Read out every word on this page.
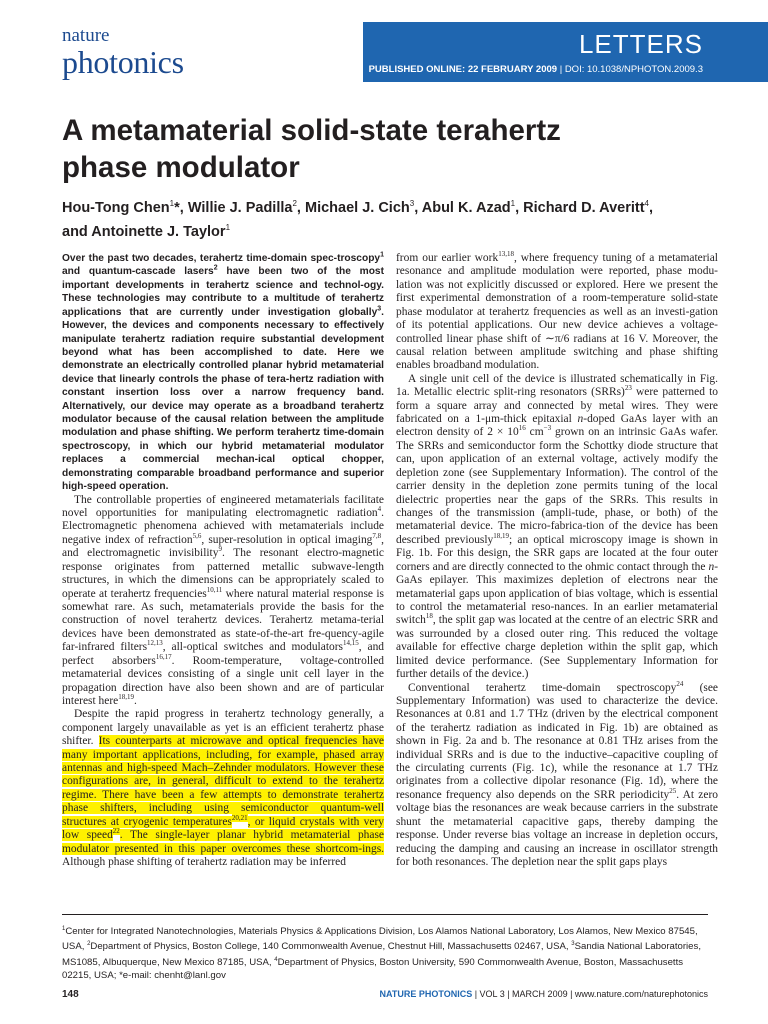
nature
photonics	LETTERS
PUBLISHED ONLINE: 22 FEBRUARY 2009 | DOI: 10.1038/NPHOTON.2009.3
A metamaterial solid-state terahertz
phase modulator
Hou-Tong Chen$^1$*, Willie J. Padilla$^2$, Michael J. Cich$^3$, Abul K. Azad$^1$, Richard D. Averitt$^4$,
and Antoinette J. Taylor$^1$

Over the past two decades, terahertz time-domain spec-troscopy$^1$ and quantum-cascade lasers$^2$ have been two of the most important developments in terahertz science and technol-ogy. These technologies may contribute to a multitude of terahertz applications that are currently under investigation globally$^3$. However, the devices and components necessary to effectively manipulate terahertz radiation require substantial development beyond what has been accomplished to date. Here we demonstrate an electrically controlled planar hybrid metamaterial device that linearly controls the phase of tera-hertz radiation with constant insertion loss over a narrow frequency band. Alternatively, our device may operate as a broadband terahertz modulator because of the causal relation between the amplitude modulation and phase shifting. We perform terahertz time-domain spectroscopy, in which our hybrid metamaterial modulator replaces a commercial mechan-ical optical chopper, demonstrating comparable broadband performance and superior high-speed operation.

The controllable properties of engineered metamaterials facilitate novel opportunities for manipulating electromagnetic radiation$^4$. Electromagnetic phenomena achieved with metamaterials include negative index of refraction$^{5,6}$, super-resolution in optical imaging$^{7,8}$, and electromagnetic invisibility$^9$. The resonant electro-magnetic response originates from patterned metallic subwave-length structures, in which the dimensions can be appropriately scaled to operate at terahertz frequencies$^{10,11}$ where natural material response is somewhat rare. As such, metamaterials provide the basis for the construction of novel terahertz devices. Terahertz metama-terial devices have been demonstrated as state-of-the-art fre-quency-agile far-infrared filters$^{12,13}$, all-optical switches and modulators$^{14,15}$, and perfect absorbers$^{16,17}$. Room-temperature, voltage-controlled metamaterial devices consisting of a single unit cell layer in the propagation direction have also been shown and are of particular interest here$^{18,19}$.

Despite the rapid progress in terahertz technology generally, a component largely unavailable as yet is an efficient terahertz phase shifter. Its counterparts at microwave and optical frequencies have many important applications, including, for example, phased array antennas and high-speed Mach–Zehnder modulators. However these configurations are, in general, difficult to extend to the terahertz regime. There have been a few attempts to demonstrate terahertz phase shifters, including using semiconductor quantum-well structures at cryogenic temperatures$^{20,21}$, or liquid crystals with very low speed$^{22}$. The single-layer planar hybrid metamaterial phase modulator presented in this paper overcomes these shortcom-ings. Although phase shifting of terahertz radiation may be inferred

from our earlier work$^{13,18}$, where frequency tuning of a metamaterial resonance and amplitude modulation were reported, phase modu-lation was not explicitly discussed or explored. Here we present the first experimental demonstration of a room-temperature solid-state phase modulator at terahertz frequencies as well as an investi-gation of its potential applications. Our new device achieves a voltage-controlled linear phase shift of ∼π/6 radians at 16 V. Moreover, the causal relation between amplitude switching and phase shifting enables broadband modulation.

A single unit cell of the device is illustrated schematically in Fig. 1a. Metallic electric split-ring resonators (SRRs)$^{23}$ were patterned to form a square array and connected by metal wires. They were fabricated on a 1-μm-thick epitaxial n-doped GaAs layer with an electron density of $2 \times 10^{16}$ $cm^{-3}$ grown on an intrinsic GaAs wafer. The SRRs and semiconductor form the Schottky diode structure that can, upon application of an external voltage, actively modify the depletion zone (see Supplementary Information). The control of the carrier density in the depletion zone permits tuning of the local dielectric properties near the gaps of the SRRs. This results in changes of the transmission (ampli-tude, phase, or both) of the metamaterial device. The micro-fabrica-tion of the device has been described previously$^{18,19}$; an optical microscopy image is shown in Fig. 1b. For this design, the SRR gaps are located at the four outer corners and are directly connected to the ohmic contact through the n-GaAs epilayer. This maximizes depletion of electrons near the metamaterial gaps upon application of bias voltage, which is essential to control the metamaterial reso-nances. In an earlier metamaterial switch$^{18}$, the split gap was located at the centre of an electric SRR and was surrounded by a closed outer ring. This reduced the voltage available for effective charge depletion within the split gap, which limited device performance. (See Supplementary Information for further details of the device.)

Conventional terahertz time-domain spectroscopy$^{24}$ (see Supplementary Information) was used to characterize the device. Resonances at 0.81 and 1.7 THz (driven by the electrical component of the terahertz radiation as indicated in Fig. 1b) are obtained as shown in Fig. 2a and b. The resonance at 0.81 THz arises from the individual SRRs and is due to the inductive–capacitive coupling of the circulating currents (Fig. 1c), while the resonance at 1.7 THz originates from a collective dipolar resonance (Fig. 1d), where the resonance frequency also depends on the SRR periodicity$^{25}$. At zero voltage bias the resonances are weak because carriers in the substrate shunt the metamaterial capacitive gaps, thereby damping the response. Under reverse bias voltage an increase in depletion occurs, reducing the damping and causing an increase in oscillator strength for both resonances. The depletion near the split gaps plays

$^1$Center for Integrated Nanotechnologies, Materials Physics & Applications Division, Los Alamos National Laboratory, Los Alamos, New Mexico 87545, USA, $^2$Department of Physics, Boston College, 140 Commonwealth Avenue, Chestnut Hill, Massachusetts 02467, USA, $^3$Sandia National Laboratories, MS1085, Albuquerque, New Mexico 87185, USA, $^4$Department of Physics, Boston University, 590 Commonwealth Avenue, Boston, Massachusetts 02215, USA; *e-mail: chenht@lanl.gov
148	NATURE PHOTONICS | VOL 3 | MARCH 2009 | www.nature.com/naturephotonics
